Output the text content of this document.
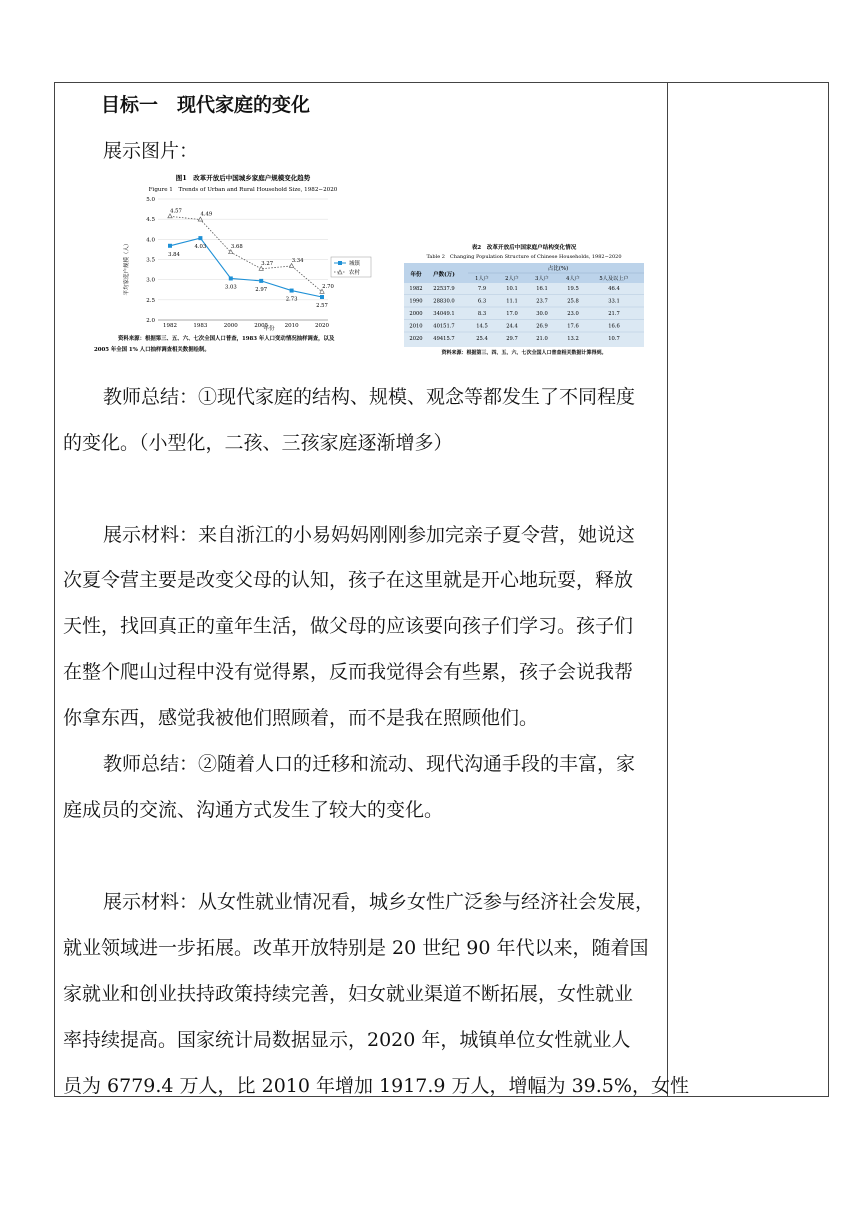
目标一　现代家庭的变化
展示图片：
图1　改革开放后中国城乡家庭户规模变化趋势
Figure 1　Trends of Urban and Rural Household Size, 1982−2020
平均家庭户规模（人）
年份
2.0
2.5
3.0
3.5
4.0
4.5
5.0
1982	1983	2000	2005	2010	2020
3.84
4.03
3.03	2.97
2.73
2.57
4.57
4.49
3.68
3.27	3.34
2.70
城镇
农村
资料来源：根据第三、五、六、七次全国人口普查，1983 年人口变动情况抽样调查，以及
2005 年全国 1% 人口抽样调查相关数据绘制。
表2　改革开放后中国家庭户结构变化情况
Table 2　Changing Population Structure of Chinese Households, 1982−2020
年份 户数(万)
占比(%)
1人户	2人户	3人户	4人户	5人及以上户
1982 22537.9	7.9	10.1	16.1	19.5	46.4
1990 28830.0	6.3	11.1	23.7	25.8	33.1
2000 34049.1	8.3	17.0	30.0	23.0	21.7
2010 40151.7	14.5	24.4	26.9	17.6	16.6
2020 49415.7	25.4	29.7	21.0	13.2	10.7
资料来源：根据第三、四、五、六、七次全国人口普查相关数据计算得到。
教师总结：①现代家庭的结构、规模、观念等都发生了不同程度
的变化。（小型化，二孩、三孩家庭逐渐增多）
展示材料：来自浙江的小易妈妈刚刚参加完亲子夏令营，她说这
次夏令营主要是改变父母的认知，孩子在这里就是开心地玩耍，释放
天性，找回真正的童年生活，做父母的应该要向孩子们学习。孩子们
在整个爬山过程中没有觉得累，反而我觉得会有些累，孩子会说我帮
你拿东西，感觉我被他们照顾着，而不是我在照顾他们。
教师总结：②随着人口的迁移和流动、现代沟通手段的丰富，家
庭成员的交流、沟通方式发生了较大的变化。
展示材料：从女性就业情况看，城乡女性广泛参与经济社会发展，
就业领域进一步拓展。改革开放特别是 20 世纪 90 年代以来，随着国
家就业和创业扶持政策持续完善，妇女就业渠道不断拓展，女性就业
率持续提高。国家统计局数据显示，2020 年，城镇单位女性就业人
员为 6779.4 万人，比 2010 年增加 1917.9 万人，增幅为 39.5%，女性
